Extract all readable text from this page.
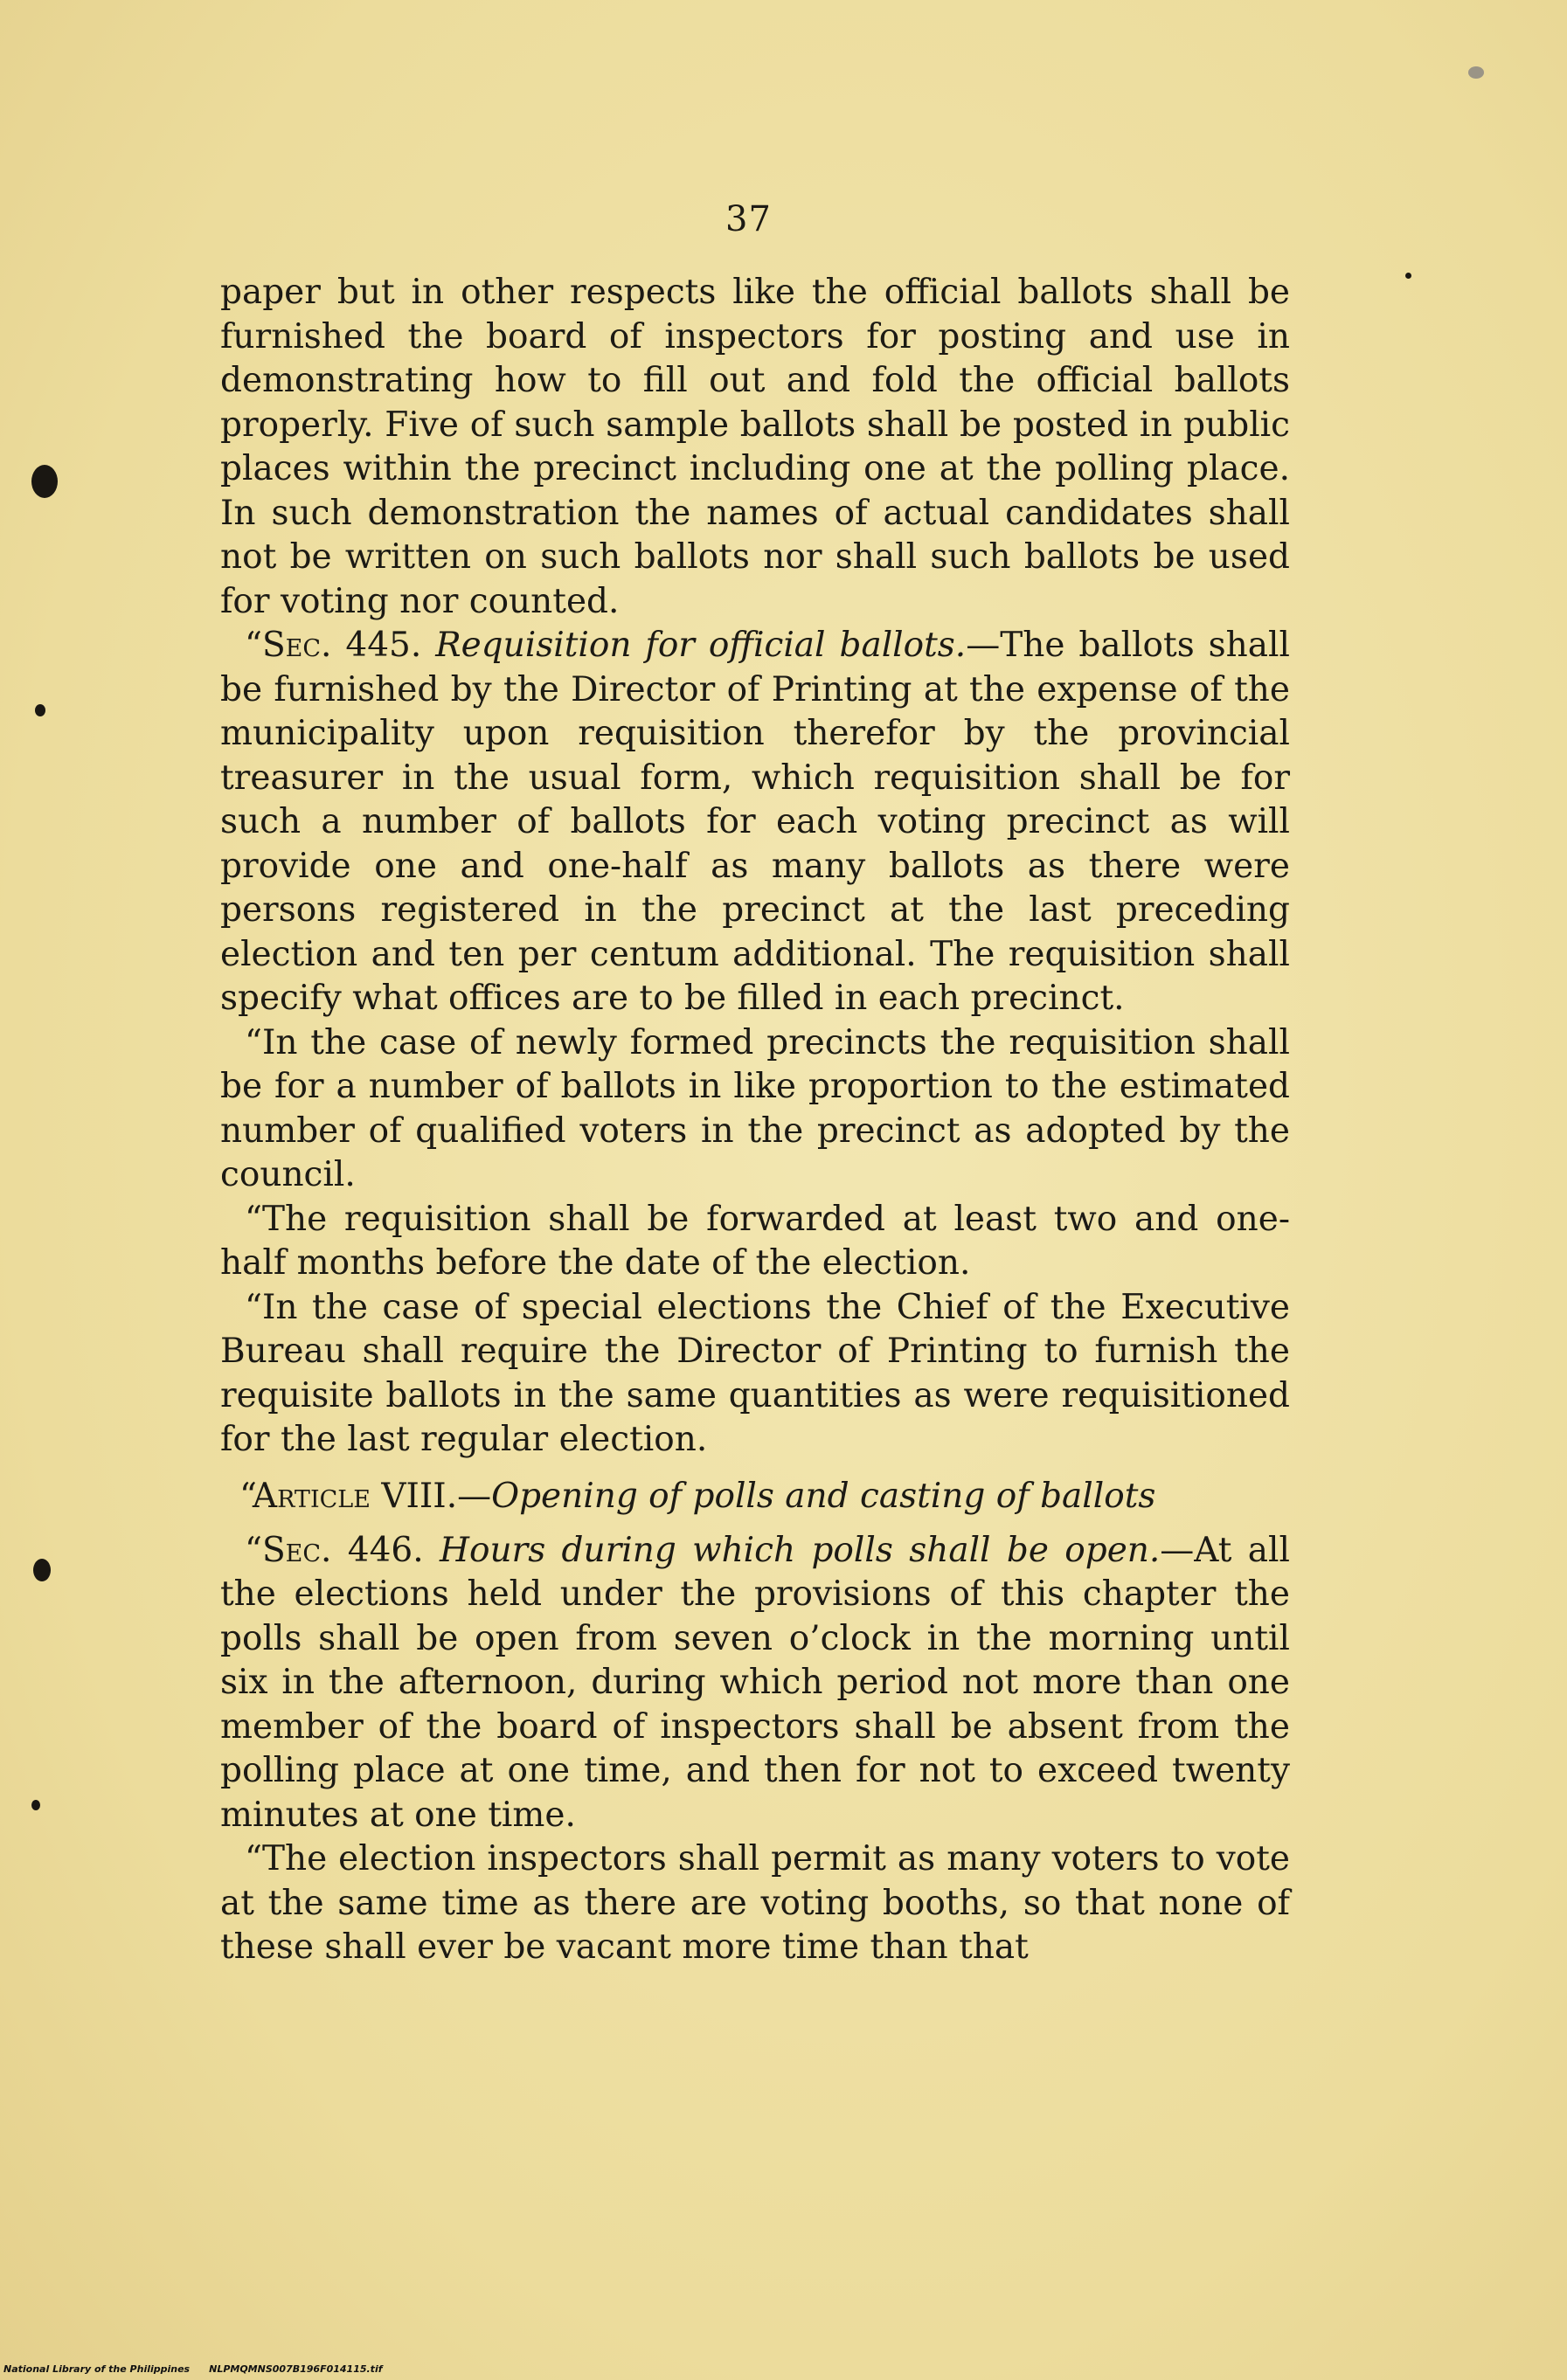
37

paper but in other respects like the official ballots shall be furnished the board of inspectors for posting and use in demonstrating how to fill out and fold the official ballots properly. Five of such sample ballots shall be posted in public places within the precinct including one at the polling place. In such demonstration the names of actual candidates shall not be written on such ballots nor shall such ballots be used for voting nor counted.

“Sec. 445. Requisition for official ballots.—The ballots shall be furnished by the Director of Printing at the expense of the municipality upon requisition therefor by the provincial treasurer in the usual form, which requisition shall be for such a number of ballots for each voting precinct as will provide one and one-half as many ballots as there were persons registered in the precinct at the last preceding election and ten per centum additional. The requisition shall specify what offices are to be filled in each precinct.

“In the case of newly formed precincts the requisition shall be for a number of ballots in like proportion to the estimated number of qualified voters in the precinct as adopted by the council.

“The requisition shall be forwarded at least two and one-half months before the date of the election.

“In the case of special elections the Chief of the Executive Bureau shall require the Director of Printing to furnish the requisite ballots in the same quantities as were requisitioned for the last regular election.

“Article VIII.—Opening of polls and casting of ballots

“Sec. 446. Hours during which polls shall be open.—At all the elections held under the provisions of this chapter the polls shall be open from seven o’clock in the morning until six in the afternoon, during which period not more than one member of the board of inspectors shall be absent from the polling place at one time, and then for not to exceed twenty minutes at one time.

“The election inspectors shall permit as many voters to vote at the same time as there are voting booths, so that none of these shall ever be vacant more time than that

National Library of the Philippines NLPMQMNS007B196F014115.tif
